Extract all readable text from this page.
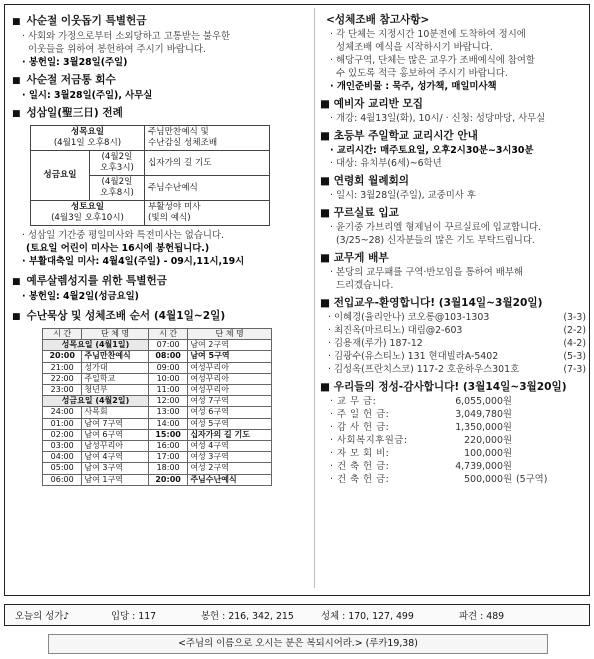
■ 사순절 이웃돕기 특별헌금
· 사회와 가정으로부터 소외당하고 고통받는 불우한
이웃들을 위하여 봉헌하여 주시기 바랍니다.
· 봉헌일: 3월28일(주일)
■ 사순절 저금통 회수
· 일시: 3월28일(주일), 사무실
■ 성삼일(聖三日) 전례
성목요일
(4월1일 오후8시)		주님만찬예식 및
수난감실 성체조배
성금요일	(4월2일
오후3시)	십자가의 길 기도
	(4월2일
오후8시)	주님수난예식
성토요일
(4월3일 오후10시)		부활성야 미사
(빛의 예식)
· 성삼일 기간중 평일미사와 특전미사는 없습니다.
(토요일 어린이 미사는 16시에 봉헌됩니다.)
· 부활대축일 미사: 4월4일(주일) - 09시,11시,19시
■ 예루살렘성지를 위한 특별헌금
· 봉헌일: 4월2일(성금요일)
■ 수난묵상 및 성체조배 순서 (4월1일~2일)
시 간	단 체 명	시 간	단 체 명
성목요일 (4월1일)		07:00	남여 2구역
20:00	주님만찬예식	08:00	남여 5구역
21:00	성가대	09:00	여성꾸리아
22:00	주일학교	10:00	여성꾸리아
23:00	청년부	11:00	여성꾸리아
성금요일 (4월2일)		12:00	여성 7구역
24:00	사목회	13:00	여성 6구역
01:00	남여 7구역	14:00	여성 5구역
02:00	남여 6구역	15:00	십자가의 길 기도
03:00	남성꾸리아	16:00	여성 4구역
04:00	남여 4구역	17:00	여성 3구역
05:00	남여 3구역	18:00	여성 2구역
06:00	남여 1구역	20:00	주님수난예식
<성체조배 참고사항>
· 각 단체는 지정시간 10분전에 도착하여 정시에
성체조배 예식을 시작하시기 바랍니다.
· 해당구역, 단체는 많은 교우가 조배예식에 참여할
수 있도록 적극 홍보하여 주시기 바랍니다.
· 개인준비물 : 묵주, 성가책, 매일미사책
■ 예비자 교리반 모집
· 개강: 4월13일(화), 10시/ · 신청: 성당마당, 사무실
■ 초등부 주일학교 교리시간 안내
· 교리시간: 매주토요일, 오후2시30분~3시30분
· 대상: 유치부(6세)~6학년
■ 연령회 월례회의
· 일시: 3월28일(주일), 교중미사 후
■ 꾸르실료 입교
· 윤기중 가브리엘 형제님이 꾸르실료에 입교합니다.
(3/25~28) 신자분들의 많은 기도 부탁드립니다.
■ 교무게 배부
· 본당의 교무패를 구역·반모임을 통하여 배부해
드리겠습니다.
■ 전입교우-환영합니다! (3월14일~3월20일)
· 이혜경(율리안나) 코오롱@103-1303	(3-3)
· 최진옥(마르티노) 대림@2-603	(2-2)
· 김용재(루가) 187-12	(4-2)
· 김광수(유스티노) 131 현대빌라A-5402	(5-3)
· 김성옥(프란치스코) 117-2 호운하우스301호	(7-3)
■ 우리들의 정성-감사합니다! (3월14일~3월20일)
· 교 무 금:	6,055,000원
· 주 일 헌 금:	3,049,780원
· 감 사 헌 금:	1,350,000원
· 사회복지후원금:	220,000원
· 자 모 회 비:	100,000원
· 건 축 헌 금:	4,739,000원
· 건 축 헌 금:	500,000원 (5구역)
오늘의 성가♪	입당 : 117	봉헌 : 216, 342, 215	성체 : 170, 127, 499	파견 : 489
<주님의 이름으로 오시는 분은 복되시어라.> (루카19,38)
